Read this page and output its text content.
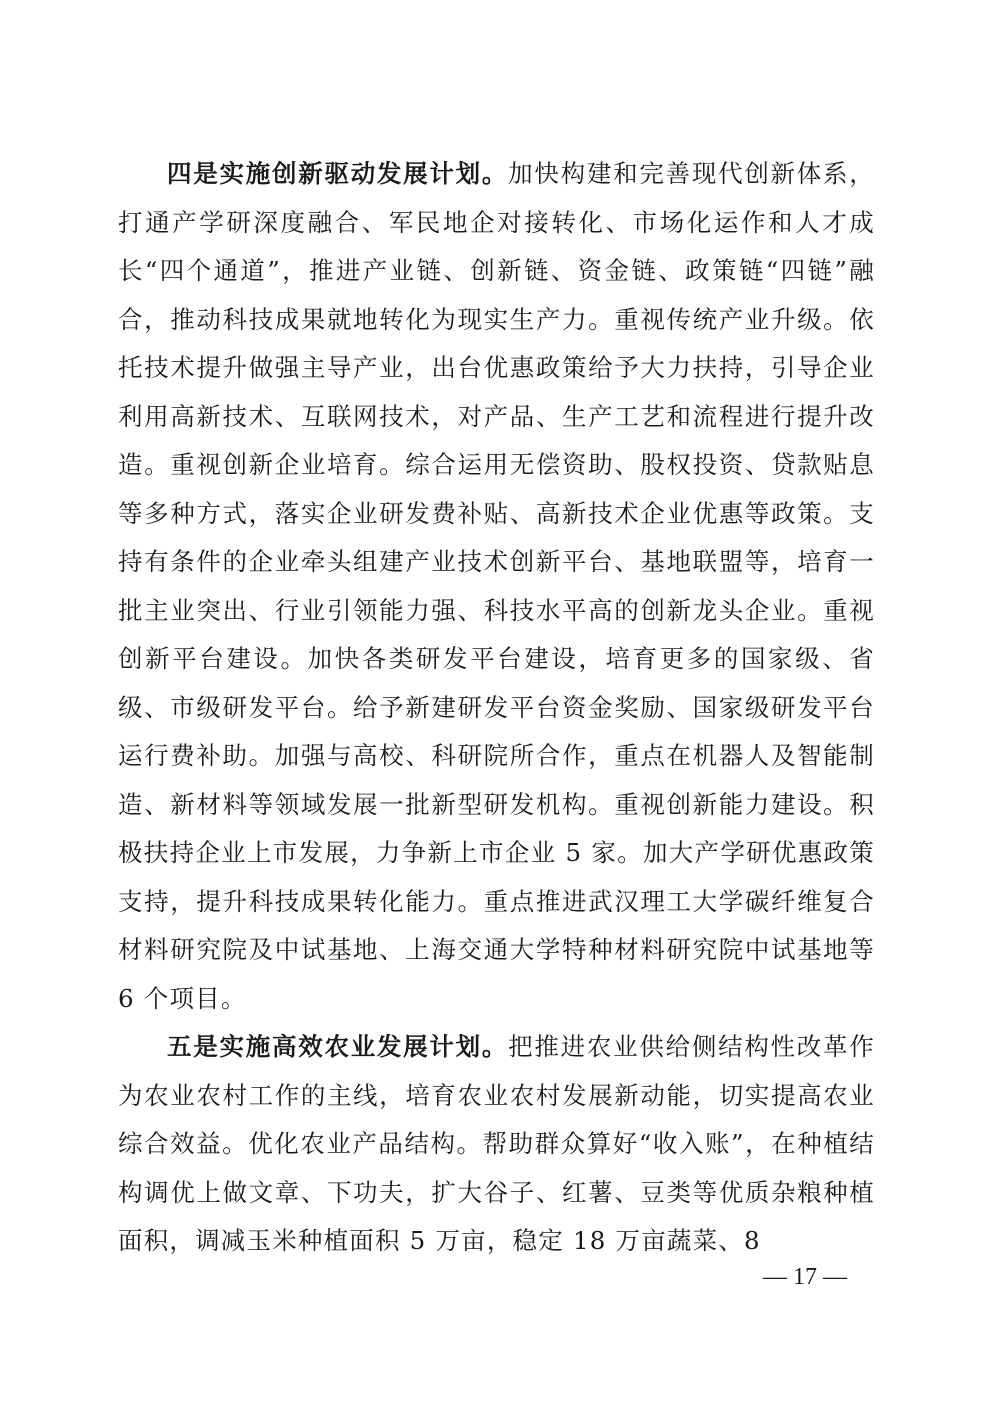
四是实施创新驱动发展计划。加快构建和完善现代创新体系，打通产学研深度融合、军民地企对接转化、市场化运作和人才成长“四个通道”，推进产业链、创新链、资金链、政策链“四链”融合，推动科技成果就地转化为现实生产力。重视传统产业升级。依托技术提升做强主导产业，出台优惠政策给予大力扶持，引导企业利用高新技术、互联网技术，对产品、生产工艺和流程进行提升改造。重视创新企业培育。综合运用无偿资助、股权投资、贷款贴息等多种方式，落实企业研发费补贴、高新技术企业优惠等政策。支持有条件的企业牵头组建产业技术创新平台、基地联盟等，培育一批主业突出、行业引领能力强、科技水平高的创新龙头企业。重视创新平台建设。加快各类研发平台建设，培育更多的国家级、省级、市级研发平台。给予新建研发平台资金奖励、国家级研发平台运行费补助。加强与高校、科研院所合作，重点在机器人及智能制造、新材料等领域发展一批新型研发机构。重视创新能力建设。积极扶持企业上市发展，力争新上市企业 5 家。加大产学研优惠政策支持，提升科技成果转化能力。重点推进武汉理工大学碳纤维复合材料研究院及中试基地、上海交通大学特种材料研究院中试基地等 6 个项目。

五是实施高效农业发展计划。把推进农业供给侧结构性改革作为农业农村工作的主线，培育农业农村发展新动能，切实提高农业综合效益。优化农业产品结构。帮助群众算好“收入账”，在种植结构调优上做文章、下功夫，扩大谷子、红薯、豆类等优质杂粮种植面积，调减玉米种植面积 5 万亩，稳定 18 万亩蔬菜、8

— 17 —
